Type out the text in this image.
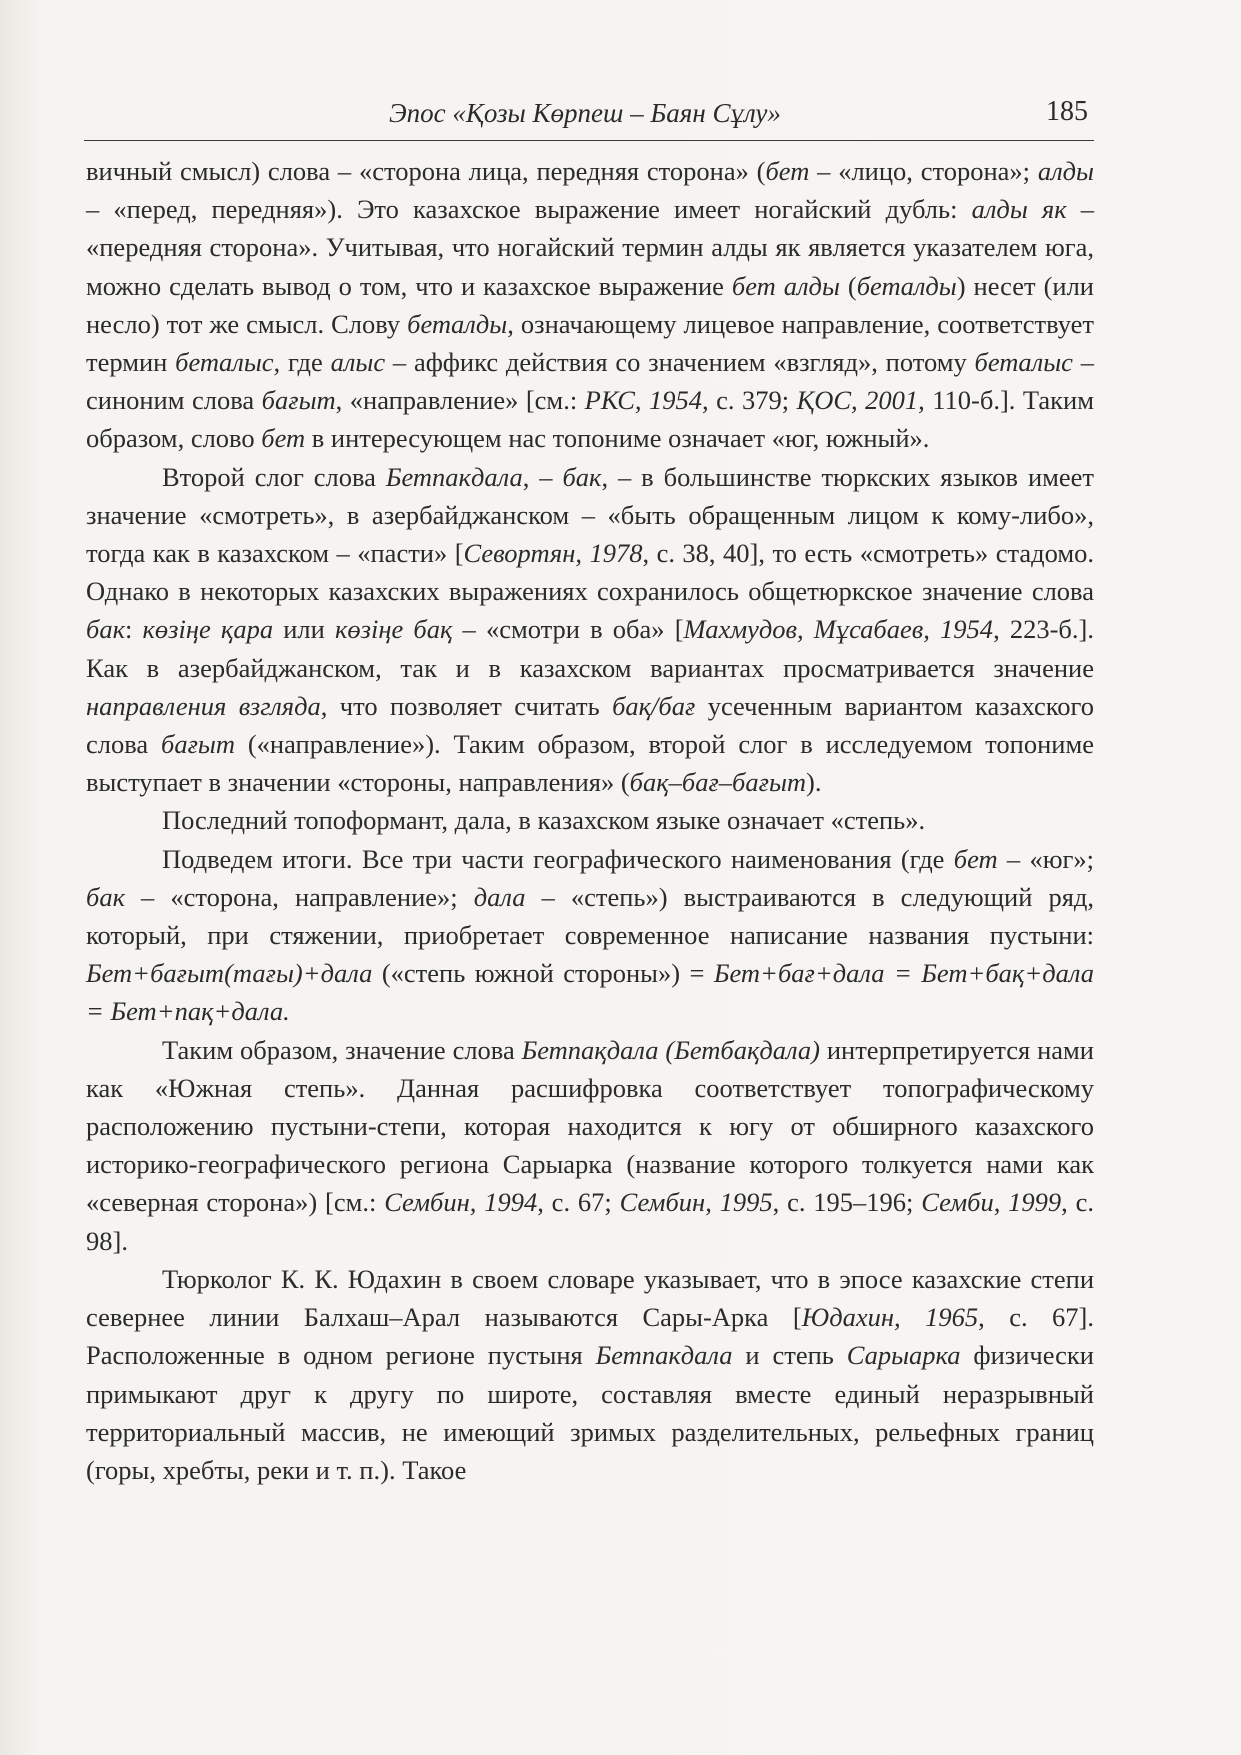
Эпос «Қозы Көрпеш – Баян Сұлу»	185

вичный смысл) слова – «сторона лица, передняя сторона» (бет – «лицо, сторона»; алды – «перед, передняя»). Это казахское выражение имеет ногайский дубль: алды як – «передняя сторона». Учитывая, что ногайский термин алды як является указателем юга, можно сделать вывод о том, что и казахское выражение бет алды (бетaлды) несет (или несло) тот же смысл. Слову бетaлды, означающему лицевое направление, соответствует термин бетaлыс, где алыс – аффикс действия со значением «взгляд», потому бетaлыс – синоним слова бағыт, «направление» [см.: РКС, 1954, с. 379; ҚОС, 2001, 110-б.]. Таким образом, слово бет в интересующем нас топониме означает «юг, южный».

Второй слог слова Бетпакдала, – бак, – в большинстве тюркских языков имеет значение «смотреть», в азербайджанском – «быть обращенным лицом к кому-либо», тогда как в казахском – «пасти» [Севортян, 1978, с. 38, 40], то есть «смотреть» стадомо. Однако в некоторых казахских выражениях сохранилось общетюркское значение слова бак: көзіңе қара или көзіңе бақ – «смотри в оба» [Махмудов, Мұсабаев, 1954, 223-б.]. Как в азербайджанском, так и в казахском вариантах просматривается значение направления взгляда, что позволяет считать бақ/бағ усеченным вариантом казахского слова бағыт («направление»). Таким образом, второй слог в исследуемом топониме выступает в значении «стороны, направления» (бақ–бағ–бағыт).

Последний топоформант, дала, в казахском языке означает «степь».

Подведем итоги. Все три части географического наименования (где бет – «юг»; бак – «сторона, направление»; дала – «степь») выстраиваются в следующий ряд, который, при стяжении, приобретает современное написание названия пустыни: Бет+бағыт(тағы)+дала («степь южной стороны») = Бет+бағ+дала = Бет+бақ+дала = Бет+пақ+дала.

Таким образом, значение слова Бетпақдала (Бетбақдала) интерпретируется нами как «Южная степь». Данная расшифровка соответствует топографическому расположению пустыни-степи, которая находится к югу от обширного казахского историко-географического региона Сарыарка (название которого толкуется нами как «северная сторона») [см.: Сембин, 1994, с. 67; Сембин, 1995, с. 195–196; Семби, 1999, с. 98].

Тюрколог К. К. Юдахин в своем словаре указывает, что в эпосе казахские степи севернее линии Балхаш–Арал называются Сары-Арка [Юдахин, 1965, с. 67]. Расположенные в одном регионе пустыня Бетпакдала и степь Сарыарка физически примыкают друг к другу по широте, составляя вместе единый неразрывный территориальный массив, не имеющий зримых разделительных, рельефных границ (горы, хребты, реки и т. п.). Такое
